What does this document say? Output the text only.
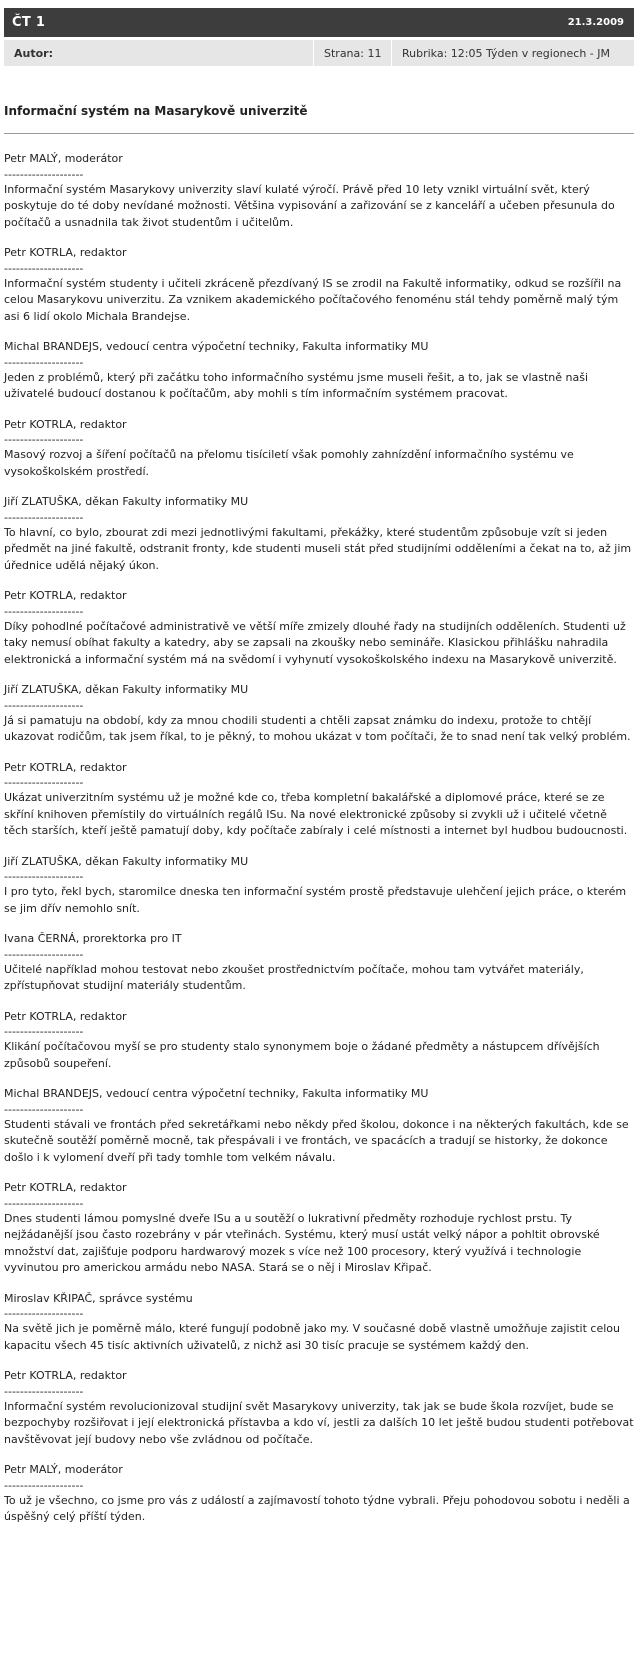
ČT 1	21.3.2009
Autor:	Strana: 11	Rubrika: 12:05 Týden v regionech - JM
Informační systém na Masarykově univerzitě
Petr MALÝ, moderátor
--------------------
Informační systém Masarykovy univerzity slaví kulaté výročí. Právě před 10 lety vznikl virtuální svět, který poskytuje do té doby nevídané možnosti. Většina vypisování a zařizování se z kanceláří a učeben přesunula do počítačů a usnadnila tak život studentům i učitelům.
Petr KOTRLA, redaktor
--------------------
Informační systém studenty i učiteli zkráceně přezdívaný IS se zrodil na Fakultě informatiky, odkud se rozšířil na celou Masarykovu univerzitu. Za vznikem akademického počítačového fenoménu stál tehdy poměrně malý tým asi 6 lidí okolo Michala Brandejse.
Michal BRANDEJS, vedoucí centra výpočetní techniky, Fakulta informatiky MU
--------------------
Jeden z problémů, který při začátku toho informačního systému jsme museli řešit, a to, jak se vlastně naši uživatelé budoucí dostanou k počítačům, aby mohli s tím informačním systémem pracovat.
Petr KOTRLA, redaktor
--------------------
Masový rozvoj a šíření počítačů na přelomu tisíciletí však pomohly zahnízdění informačního systému ve vysokoškolském prostředí.
Jiří ZLATUŠKA, děkan Fakulty informatiky MU
--------------------
To hlavní, co bylo, zbourat zdi mezi jednotlivými fakultami, překážky, které studentům způsobuje vzít si jeden předmět na jiné fakultě, odstranit fronty, kde studenti museli stát před studijními odděleními a čekat na to, až jim úřednice udělá nějaký úkon.
Petr KOTRLA, redaktor
--------------------
Díky pohodlné počítačové administrativě ve větší míře zmizely dlouhé řady na studijních odděleních. Studenti už taky nemusí obíhat fakulty a katedry, aby se zapsali na zkoušky nebo semináře. Klasickou přihlášku nahradila elektronická a informační systém má na svědomí i vyhynutí vysokoškolského indexu na Masarykově univerzitě.
Jiří ZLATUŠKA, děkan Fakulty informatiky MU
--------------------
Já si pamatuju na období, kdy za mnou chodili studenti a chtěli zapsat známku do indexu, protože to chtějí ukazovat rodičům, tak jsem říkal, to je pěkný, to mohou ukázat v tom počítači, že to snad není tak velký problém.
Petr KOTRLA, redaktor
--------------------
Ukázat univerzitním systému už je možné kde co, třeba kompletní bakalářské a diplomové práce, které se ze skříní knihoven přemístily do virtuálních regálů ISu. Na nové elektronické způsoby si zvykli už i učitelé včetně těch starších, kteří ještě pamatují doby, kdy počítače zabíraly i celé místnosti a internet byl hudbou budoucnosti.
Jiří ZLATUŠKA, děkan Fakulty informatiky MU
--------------------
I pro tyto, řekl bych, staromilce dneska ten informační systém prostě představuje ulehčení jejich práce, o kterém se jim dřív nemohlo snít.
Ivana ČERNÁ, prorektorka pro IT
--------------------
Učitelé například mohou testovat nebo zkoušet prostřednictvím počítače, mohou tam vytvářet materiály, zpřístupňovat studijní materiály studentům.
Petr KOTRLA, redaktor
--------------------
Klikání počítačovou myší se pro studenty stalo synonymem boje o žádané předměty a nástupcem dřívějších způsobů soupeření.
Michal BRANDEJS, vedoucí centra výpočetní techniky, Fakulta informatiky MU
--------------------
Studenti stávali ve frontách před sekretářkami nebo někdy před školou, dokonce i na některých fakultách, kde se skutečně soutěží poměrně mocně, tak přespávali i ve frontách, ve spacácích a tradují se historky, že dokonce došlo i k vylomení dveří při tady tomhle tom velkém návalu.
Petr KOTRLA, redaktor
--------------------
Dnes studenti lámou pomyslné dveře ISu a u soutěží o lukrativní předměty rozhoduje rychlost prstu. Ty nejžádanější jsou často rozebrány v pár vteřinách. Systému, který musí ustát velký nápor a pohltit obrovské množství dat, zajišťuje podporu hardwarový mozek s více než 100 procesory, který využívá i technologie vyvinutou pro americkou armádu nebo NASA. Stará se o něj i Miroslav Křipač.
Miroslav KŘIPAČ, správce systému
--------------------
Na světě jich je poměrně málo, které fungují podobně jako my. V současné době vlastně umožňuje zajistit celou kapacitu všech 45 tisíc aktivních uživatelů, z nichž asi 30 tisíc pracuje se systémem každý den.
Petr KOTRLA, redaktor
--------------------
Informační systém revolucionizoval studijní svět Masarykovy univerzity, tak jak se bude škola rozvíjet, bude se bezpochyby rozšiřovat i její elektronická přístavba a kdo ví, jestli za dalších 10 let ještě budou studenti potřebovat navštěvovat její budovy nebo vše zvládnou od počítače.
Petr MALÝ, moderátor
--------------------
To už je všechno, co jsme pro vás z událostí a zajímavostí tohoto týdne vybrali. Přeju pohodovou sobotu i neděli a úspěšný celý příští týden.
